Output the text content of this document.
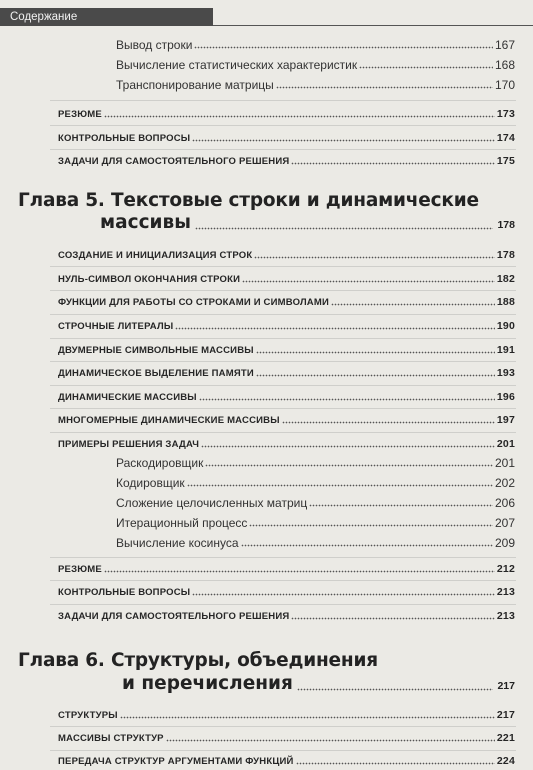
Содержание
Вывод строки	167
Вычисление статистических характеристик	168
Транспонирование матрицы	170
РЕЗЮМЕ	173
КОНТРОЛЬНЫЕ ВОПРОСЫ	174
ЗАДАЧИ ДЛЯ САМОСТОЯТЕЛЬНОГО РЕШЕНИЯ	175
Глава 5. Текстовые строки и динамические
массивы	178
СОЗДАНИЕ И ИНИЦИАЛИЗАЦИЯ СТРОК	178
НУЛЬ-СИМВОЛ ОКОНЧАНИЯ СТРОКИ	182
ФУНКЦИИ ДЛЯ РАБОТЫ СО СТРОКАМИ И СИМВОЛАМИ	188
СТРОЧНЫЕ ЛИТЕРАЛЫ	190
ДВУМЕРНЫЕ СИМВОЛЬНЫЕ МАССИВЫ	191
ДИНАМИЧЕСКОЕ ВЫДЕЛЕНИЕ ПАМЯТИ	193
ДИНАМИЧЕСКИЕ МАССИВЫ	196
МНОГОМЕРНЫЕ ДИНАМИЧЕСКИЕ МАССИВЫ	197
ПРИМЕРЫ РЕШЕНИЯ ЗАДАЧ	201
Раскодировщик	201
Кодировщик	202
Сложение целочисленных матриц	206
Итерационный процесс	207
Вычисление косинуса	209
РЕЗЮМЕ	212
КОНТРОЛЬНЫЕ ВОПРОСЫ	213
ЗАДАЧИ ДЛЯ САМОСТОЯТЕЛЬНОГО РЕШЕНИЯ	213
Глава 6. Структуры, объединения
и перечисления	217
СТРУКТУРЫ	217
МАССИВЫ СТРУКТУР	221
ПЕРЕДАЧА СТРУКТУР АРГУМЕНТАМИ ФУНКЦИЙ	224
